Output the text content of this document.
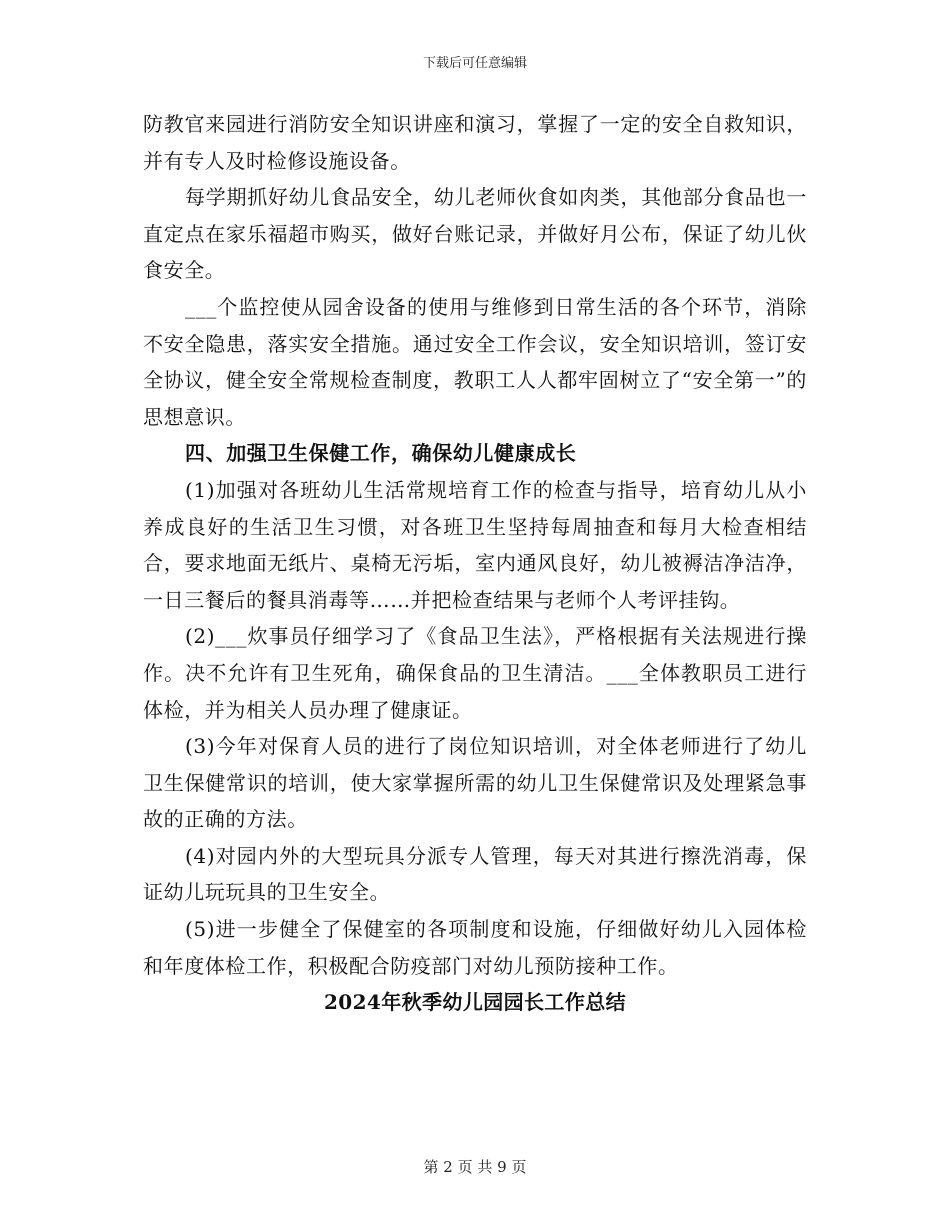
下载后可任意编辑

防教官来园进行消防安全知识讲座和演习，掌握了一定的安全自救知识，并有专人及时检修设施设备。

每学期抓好幼儿食品安全，幼儿老师伙食如肉类，其他部分食品也一直定点在家乐福超市购买，做好台账记录，并做好月公布，保证了幼儿伙食安全。

___个监控使从园舍设备的使用与维修到日常生活的各个环节，消除不安全隐患，落实安全措施。通过安全工作会议，安全知识培训，签订安全协议，健全安全常规检查制度，教职工人人都牢固树立了“安全第一”的思想意识。

四、加强卫生保健工作，确保幼儿健康成长

(1)加强对各班幼儿生活常规培育工作的检查与指导，培育幼儿从小养成良好的生活卫生习惯，对各班卫生坚持每周抽查和每月大检查相结合，要求地面无纸片、桌椅无污垢，室内通风良好，幼儿被褥洁净洁净，一日三餐后的餐具消毒等……并把检查结果与老师个人考评挂钩。

(2)___炊事员仔细学习了《食品卫生法》，严格根据有关法规进行操作。决不允许有卫生死角，确保食品的卫生清洁。___全体教职员工进行体检，并为相关人员办理了健康证。

(3)今年对保育人员的进行了岗位知识培训，对全体老师进行了幼儿卫生保健常识的培训，使大家掌握所需的幼儿卫生保健常识及处理紧急事故的正确的方法。

(4)对园内外的大型玩具分派专人管理，每天对其进行擦洗消毒，保证幼儿玩玩具的卫生安全。

(5)进一步健全了保健室的各项制度和设施，仔细做好幼儿入园体检和年度体检工作，积极配合防疫部门对幼儿预防接种工作。

2024年秋季幼儿园园长工作总结
第 2 页 共 9 页
